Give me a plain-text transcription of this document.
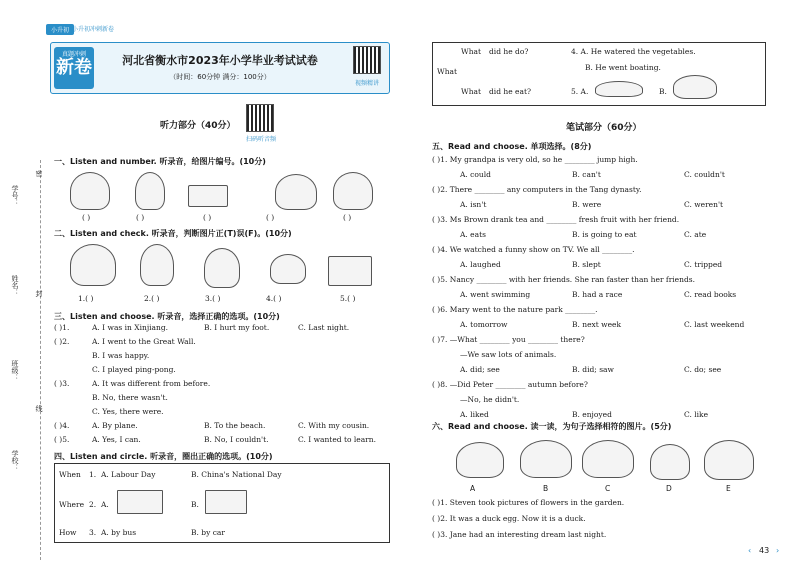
小升初 小升初冲刺新卷
真题冲刺
新卷	河北省衡水市2023年小学毕业考试试卷
（时间：60分钟 满分：100分）
视频精讲
学号：
姓名：
班级：
学校：
密
封
线
听力部分（40分）
扫码听音频
一、Listen and number. 听录音，给图片编号。(10分)
( )	( )	( )	( )
( )
二、Listen and check. 听录音，判断图片正(T)误(F)。(10分)
1.( )	2.( )	3.( )	4.( )	5.( )
三、Listen and choose. 听录音，选择正确的选项。(10分)
( )1.	A. I was in Xinjiang.	B. I hurt my foot.	C. Last night.
( )2.	A. I went to the Great Wall.
B. I was happy.
C. I played ping-pong.
( )3.	A. It was different from before.
B. No, there wasn't.
C. Yes, there were.
( )4.	A. By plane.	B. To the beach.	C. With my cousin.
( )5.	A. Yes, I can.	B. No, I couldn't.	C. I wanted to learn.
四、Listen and circle. 听录音，圈出正确的选项。(10分)
When 1. A. Labour Day	B. China's National Day
Where 2. A.	B.
How 3. A. by bus	B. by car
What
What did he do?
What did he eat?
4. A. He watered the vegetables.
B. He went boating.
5. A.	B.
笔试部分（60分）
五、Read and choose. 单项选择。(8分)
( )1. My grandpa is very old, so he ________ jump high.
A. could	B. can't	C. couldn't
( )2. There ________ any computers in the Tang dynasty.
A. isn't	B. were	C. weren't
( )3. Ms Brown drank tea and ________ fresh fruit with her friend.
A. eats	B. is going to eat	C. ate
( )4. We watched a funny show on TV. We all ________.
A. laughed	B. slept	C. tripped
( )5. Nancy ________ with her friends. She ran faster than her friends.
A. went swimming	B. had a race	C. read books
( )6. Mary went to the nature park ________.
A. tomorrow	B. next week	C. last weekend
( )7. —What ________ you ________ there?
—We saw lots of animals.
A. did; see	B. did; saw	C. do; see
( )8. —Did Peter ________ autumn before?
—No, he didn't.
A. liked	B. enjoyed	C. like
六、Read and choose. 读一读，为句子选择相符的图片。(5分)
A	B	C	D	E
( )1. Steven took pictures of flowers in the garden.
( )2. It was a duck egg. Now it is a duck.
( )3. Jane had an interesting dream last night.
‹ 43 ›
